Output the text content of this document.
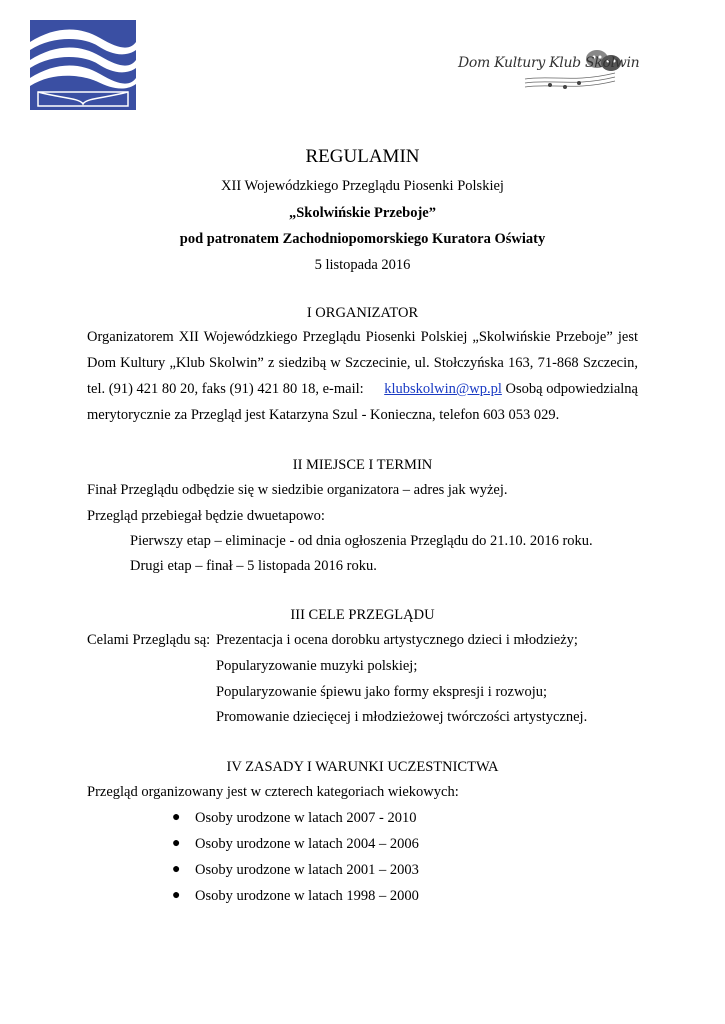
Dom Kultury Klub Skolwin
REGULAMIN
XII Wojewódzkiego Przeglądu Piosenki Polskiej
„Skolwińskie Przeboje”
pod patronatem Zachodniopomorskiego Kuratora Oświaty
5 listopada 2016
I ORGANIZATOR
Organizatorem XII Wojewódzkiego Przeglądu Piosenki Polskiej „Skolwińskie Przeboje” jest
Dom Kultury „Klub Skolwin” z siedzibą w Szczecinie, ul. Stołczyńska 163, 71-868 Szczecin,
tel. (91) 421 80 20, faks (91) 421 80 18, e-mail: klubskolwin@wp.pl Osobą odpowiedzialną
merytorycznie za Przegląd jest Katarzyna Szul - Konieczna, telefon 603 053 029.
II MIEJSCE I TERMIN
Finał Przeglądu odbędzie się w siedzibie organizatora – adres jak wyżej.
Przegląd przebiegał będzie dwuetapowo:
Pierwszy etap – eliminacje - od dnia ogłoszenia Przeglądu do 21.10. 2016 roku.
Drugi etap – finał – 5 listopada 2016 roku.
III CELE PRZEGLĄDU
Celami Przeglądu są: Prezentacja i ocena dorobku artystycznego dzieci i młodzieży;
Popularyzowanie muzyki polskiej;
Popularyzowanie śpiewu jako formy ekspresji i rozwoju;
Promowanie dziecięcej i młodzieżowej twórczości artystycznej.
IV ZASADY I WARUNKI UCZESTNICTWA
Przegląd organizowany jest w czterech kategoriach wiekowych:
● Osoby urodzone w latach 2007 - 2010
● Osoby urodzone w latach 2004 – 2006
● Osoby urodzone w latach 2001 – 2003
● Osoby urodzone w latach 1998 – 2000
